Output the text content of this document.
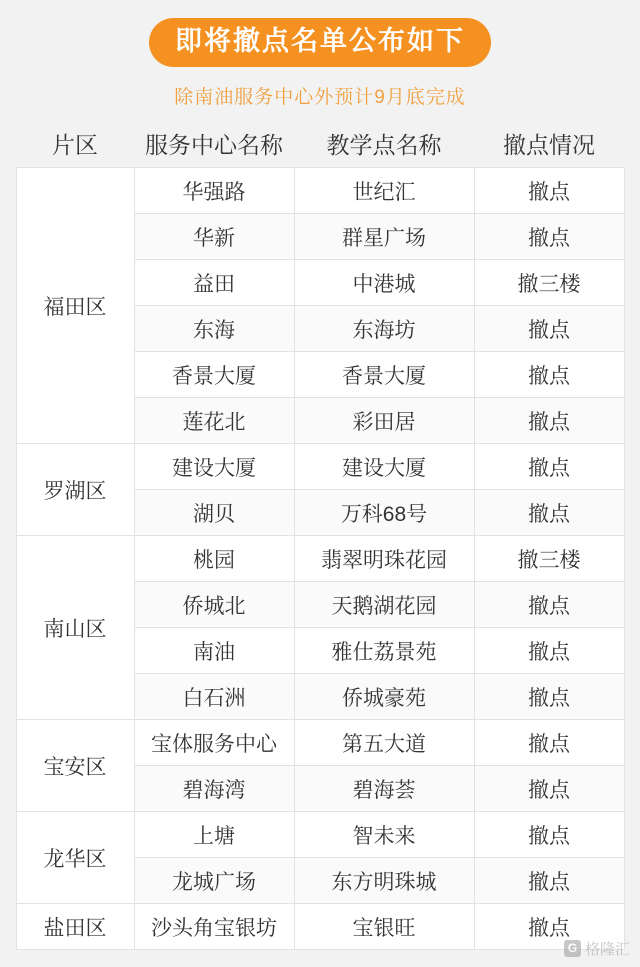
即将撤点名单公布如下
除南油服务中心外预计9月底完成
片区	服务中心名称	教学点名称	撤点情况
福田区	华强路	世纪汇	撤点
	华新	群星广场	撤点
	益田	中港城	撤三楼
	东海	东海坊	撤点
	香景大厦	香景大厦	撤点
	莲花北	彩田居	撤点
罗湖区	建设大厦	建设大厦	撤点
	湖贝	万科68号	撤点
南山区	桃园	翡翠明珠花园	撤三楼
	侨城北	天鹅湖花园	撤点
	南油	雅仕荔景苑	撤点
	白石洲	侨城豪苑	撤点
宝安区	宝体服务中心	第五大道	撤点
	碧海湾	碧海荟	撤点
龙华区	上塘	智未来	撤点
	龙城广场	东方明珠城	撤点
盐田区	沙头角宝银坊	宝银旺	撤点
G 格隆汇
